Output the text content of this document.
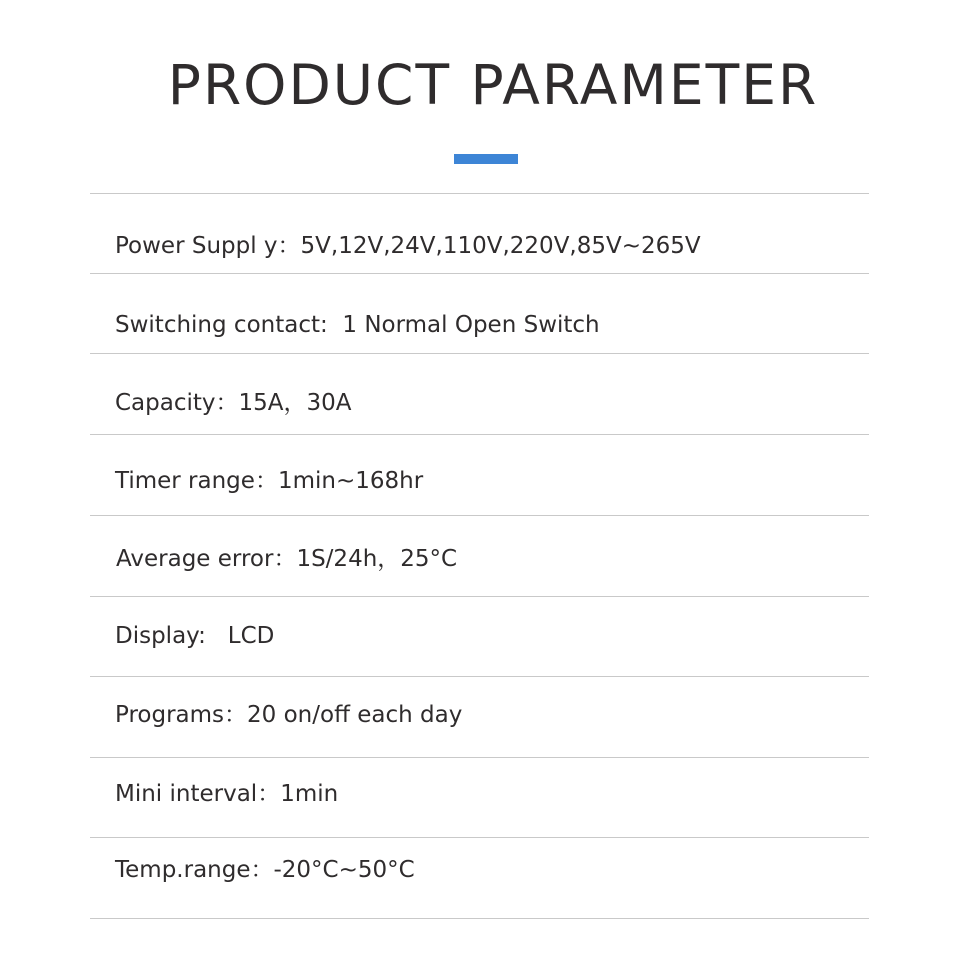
PRODUCT PARAMETER
Power Suppl y：5V,12V,24V,110V,220V,85V~265V
Switching contact:  1 Normal Open Switch
Capacity：15A，30A
Timer range：1min~168hr
Average error：1S/24h，25°C
Display:   LCD
Programs：20 on/off each day
Mini interval：1min
Temp.range：-20°C~50°C
